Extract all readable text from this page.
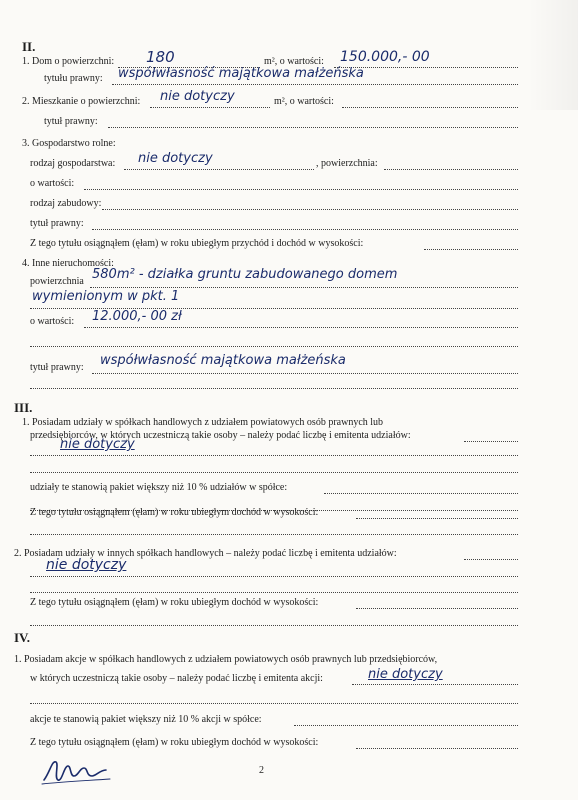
II.
1. Dom o powierzchni: 180	m², o wartości: 150.000,- 00
tytułu prawny: współwłasność majątkowa małżeńska
2. Mieszkanie o powierzchni: nie dotyczy	m², o wartości:
tytuł prawny:
3. Gospodarstwo rolne:
rodzaj gospodarstwa: nie dotyczy	, powierzchnia:
o wartości:
rodzaj zabudowy:
tytuł prawny:
Z tego tytułu osiągnąłem (ęłam) w roku ubiegłym przychód i dochód w wysokości:
4. Inne nieruchomości:
powierzchnia 580m² - działka gruntu zabudowanego domem
wymienionym w pkt. 1
o wartości: 12.000,- 00 zł
tytuł prawny: współwłasność majątkowa małżeńska
III.
1. Posiadam udziały w spółkach handlowych z udziałem powiatowych osób prawnych lub
przedsiębiorców, w których uczestniczą takie osoby – należy podać liczbę i emitenta udziałów:
nie dotyczy
udziały te stanowią pakiet większy niż 10 % udziałów w spółce:
Z tego tytułu osiągnąłem (ęłam) w roku ubiegłym dochód w wysokości:
2. Posiadam udziały w innych spółkach handlowych – należy podać liczbę i emitenta udziałów:
nie dotyczy
Z tego tytułu osiągnąłem (ęłam) w roku ubiegłym dochód w wysokości:
IV.
1. Posiadam akcje w spółkach handlowych z udziałem powiatowych osób prawnych lub przedsiębiorców,
w których uczestniczą takie osoby – należy podać liczbę i emitenta akcji:	nie dotyczy
akcje te stanowią pakiet większy niż 10 % akcji w spółce:
Z tego tytułu osiągnąłem (ęłam) w roku ubiegłym dochód w wysokości:
2
